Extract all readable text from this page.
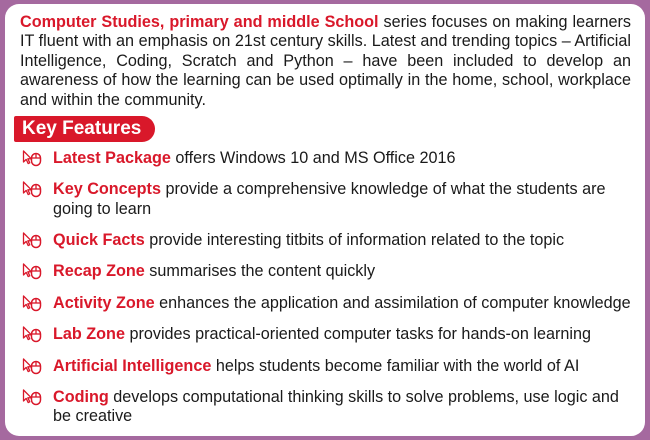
Computer Studies, primary and middle School series focuses on making learners IT fluent with an emphasis on 21st century skills. Latest and trending topics – Artificial Intelligence, Coding, Scratch and Python – have been included to develop an awareness of how the learning can be used optimally in the home, school, workplace and within the community.

Key Features
Latest Package offers Windows 10 and MS Office 2016
Key Concepts provide a comprehensive knowledge of what the students are going to learn
Quick Facts provide interesting titbits of information related to the topic
Recap Zone summarises the content quickly
Activity Zone enhances the application and assimilation of computer knowledge
Lab Zone provides practical-oriented computer tasks for hands-on learning
Artificial Intelligence helps students become familiar with the world of AI
Coding develops computational thinking skills to solve problems, use logic and be creative
